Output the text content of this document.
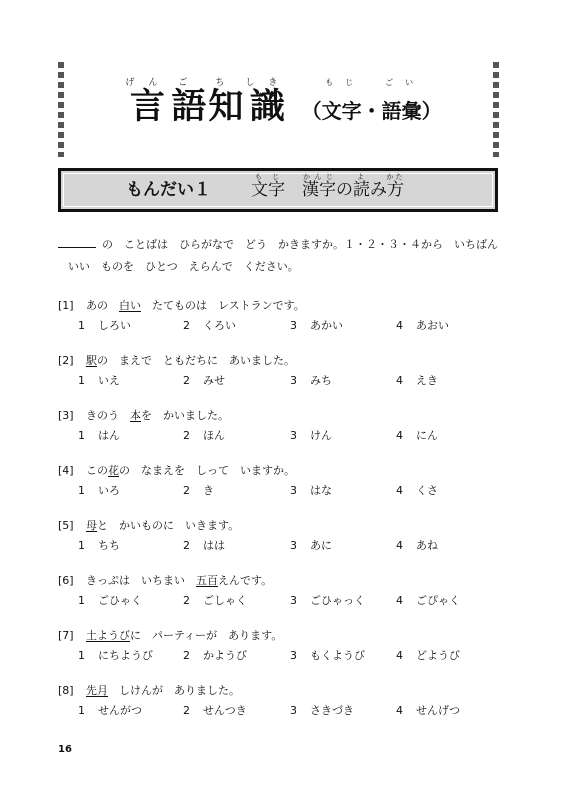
言げん語ご知ち識しき （文字もじ・語彙ごい）
もんだい１ 文字もじ　漢字かんじの読よみ方かた
の　ことばは　ひらがなで　どう　かきますか。１・２・３・４から　いちばん
いい　ものを　ひとつ　えらんで　ください。
[1] あの　白い　たてものは　レストランです。
1 しろい	2 くろい	3 あかい	4 あおい
[2] 駅の　まえで　ともだちに　あいました。
1 いえ	2 みせ	3 みち	4 えき
[3] きのう　本を　かいました。
1 はん	2 ほん	3 けん	4 にん
[4] この花の　なまえを　しって　いますか。
1 いろ	2 き	3 はな	4 くさ
[5] 母と　かいものに　いきます。
1 ちち	2 はは	3 あに	4 あね
[6] きっぷは　いちまい　五百えんです。
1 ごひゃく	2 ごしゃく	3 ごひゃっく	4 ごぴゃく
[7] 土ようびに　パーティーが　あります。
1 にちようび	2 かようび	3 もくようび	4 どようび
[8] 先月　しけんが　ありました。
1 せんがつ	2 せんつき	3 さきづき	4 せんげつ
16
